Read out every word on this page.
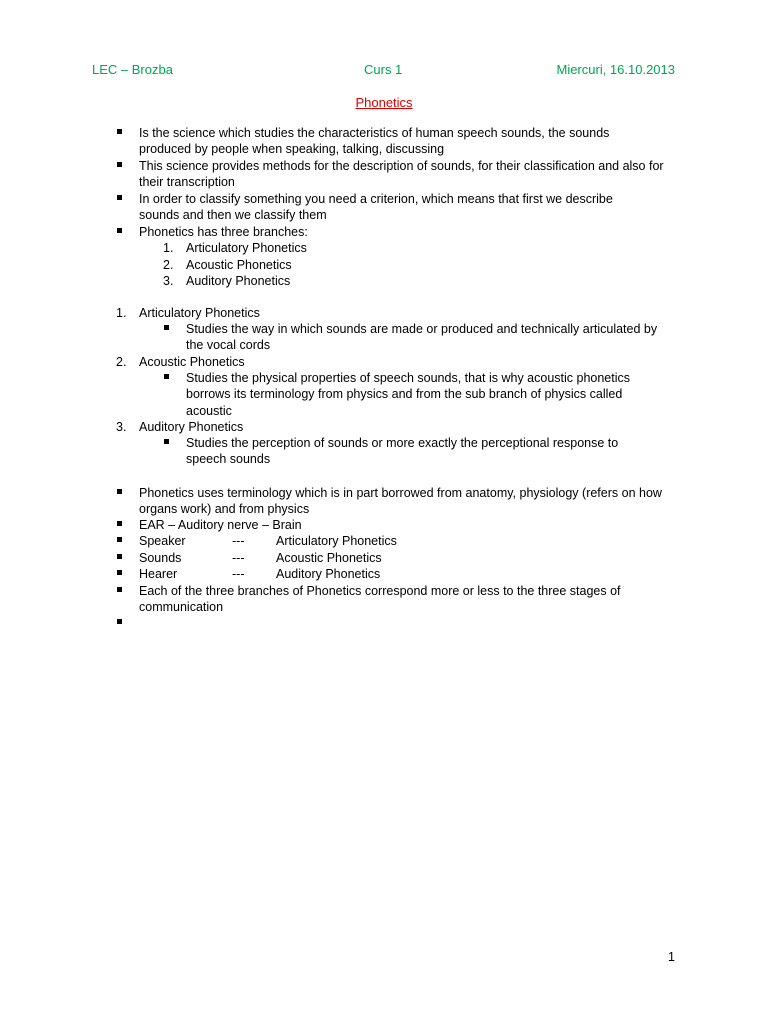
LEC – Brozba	Curs 1	Miercuri, 16.10.2013
Phonetics
Is the science which studies the characteristics of human speech sounds, the sounds produced by people when speaking, talking, discussing
This science provides methods for the description of sounds, for their classification and also for their transcription
In order to classify something you need a criterion, which means that first we describe sounds and then we classify them
Phonetics has three branches:
1. Articulatory Phonetics
2. Acoustic Phonetics
3. Auditory Phonetics
1. Articulatory Phonetics
Studies the way in which sounds are made or produced and technically articulated by the vocal cords
2. Acoustic Phonetics
Studies the physical properties of speech sounds, that is why acoustic phonetics borrows its terminology from physics and from the sub branch of physics called acoustic
3. Auditory Phonetics
Studies the perception of sounds or more exactly the perceptional response to speech sounds
Phonetics uses terminology which is in part borrowed from anatomy, physiology (refers on how organs work) and from physics
EAR – Auditory nerve – Brain
Speaker	---	Articulatory Phonetics
Sounds	---	Acoustic Phonetics
Hearer	---	Auditory Phonetics
Each of the three branches of Phonetics correspond more or less to the three stages of communication
1
